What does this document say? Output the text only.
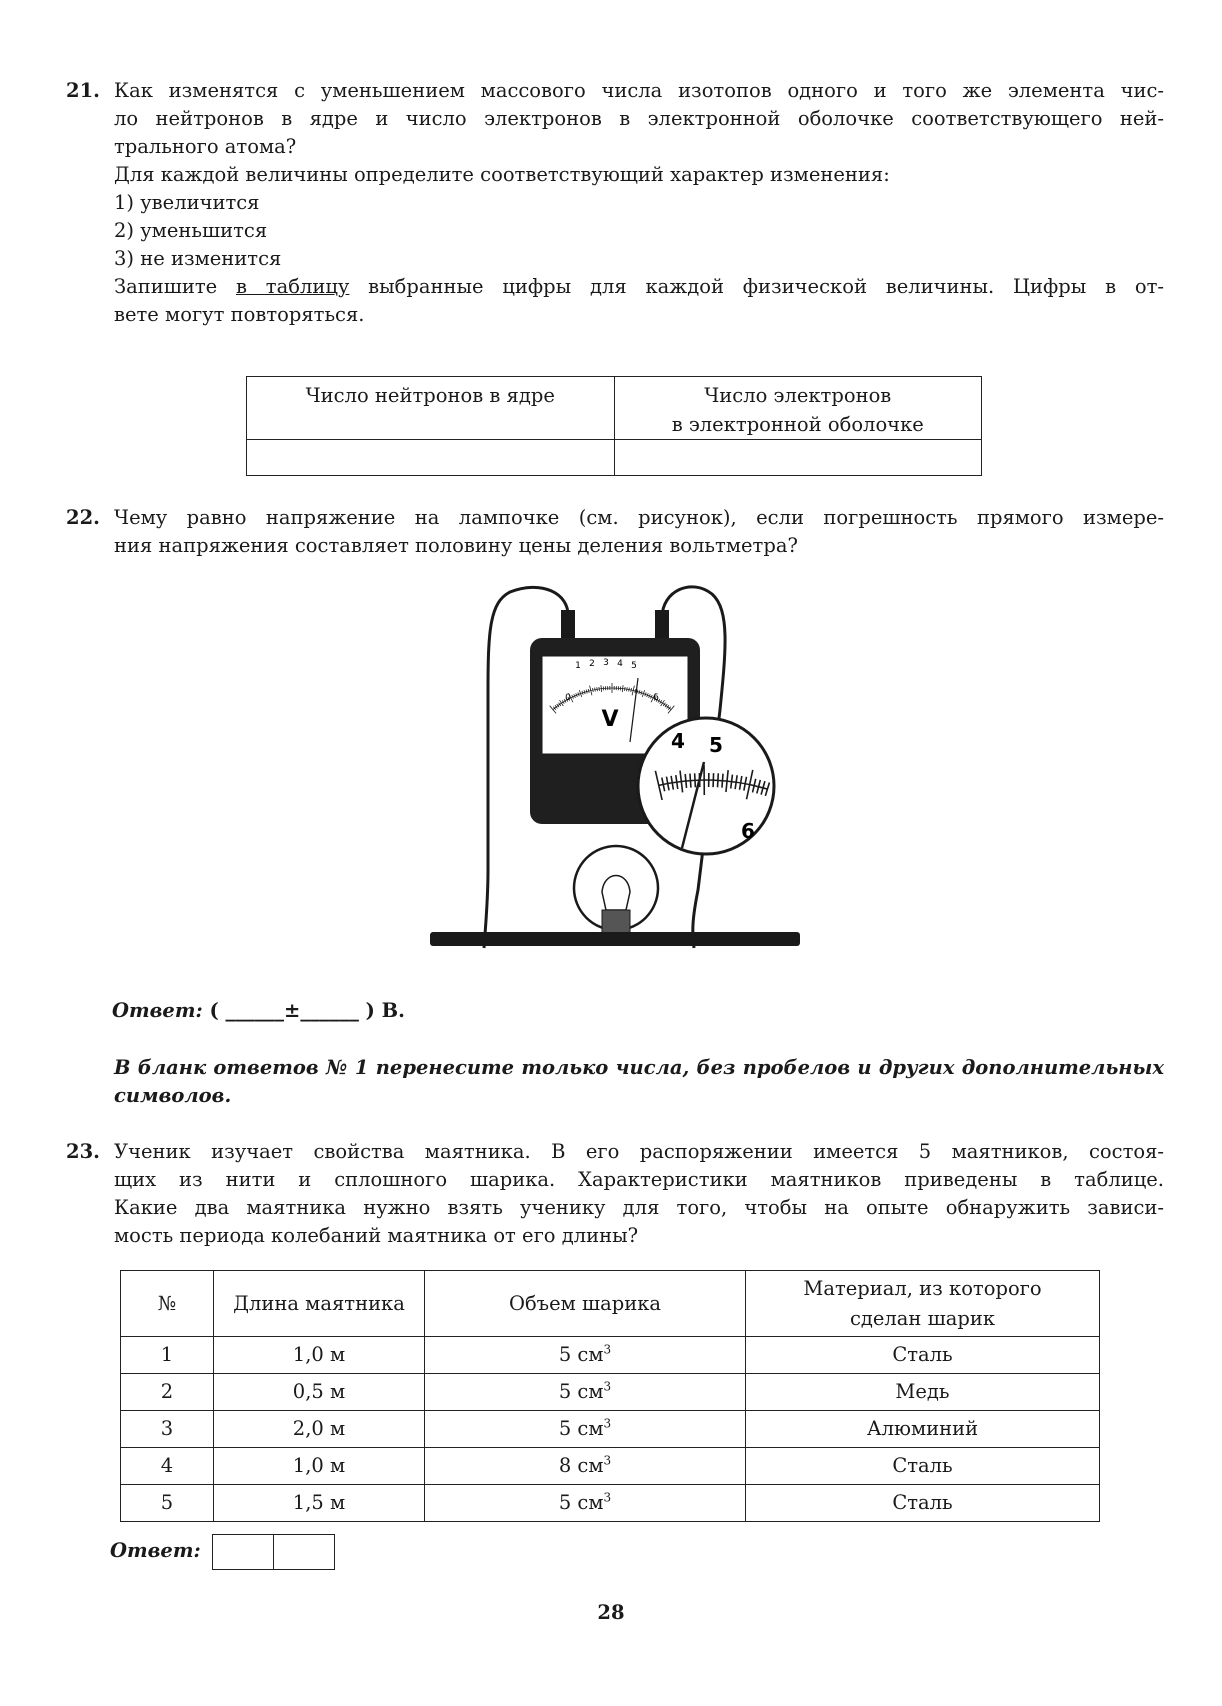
21. Как изменятся с уменьшением массового числа изотопов одного и того же элемента чис-
ло нейтронов в ядре и число электронов в электронной оболочке соответствующего ней-
трального атома?
Для каждой величины определите соответствующий характер изменения:
1) увеличится
2) уменьшится
3) не изменится
Запишите в таблицу выбранные цифры для каждой физической величины. Цифры в от-
вете могут повторяться.
Число нейтронов в ядре	Число электронов
в электронной оболочке

22. Чему равно напряжение на лампочке (см. рисунок), если погрешность прямого измере-
ния напряжения составляет половину цены деления вольтметра?
0
1 2 3 4 5
6
V
4 5
6
Ответ: ( ______±______ ) В.
В бланк ответов № 1 перенесите только числа, без пробелов и других дополнительных
символов.
23. Ученик изучает свойства маятника. В его распоряжении имеется 5 маятников, состоя-
щих из нити и сплошного шарика. Характеристики маятников приведены в таблице.
Какие два маятника нужно взять ученику для того, чтобы на опыте обнаружить зависи-
мость периода колебаний маятника от его длины?
№	Длина маятника	Объем шарика	Материал, из которого
сделан шарик
1	1,0 м	5 $см^3$	Сталь
2	0,5 м	5 $см^3$	Медь
3	2,0 м	5 $см^3$	Алюминий
4	1,0 м	8 $см^3$	Сталь
5	1,5 м	5 $см^3$	Сталь
Ответ:
28
